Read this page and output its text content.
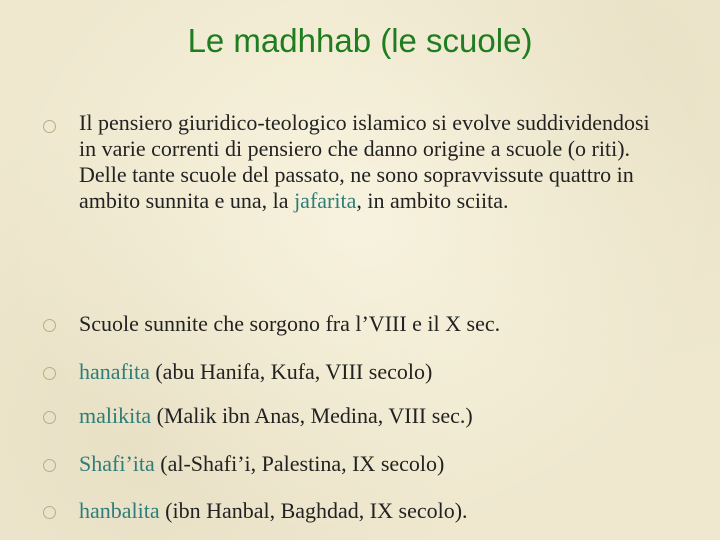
Le madhhab (le scuole)
Il pensiero giuridico-teologico islamico si evolve suddividendosi in varie correnti di pensiero che danno origine a scuole (o riti). Delle tante scuole del passato, ne sono sopravvissute quattro in ambito sunnita e una, la jafarita, in ambito sciita.
Scuole sunnite che sorgono fra l’VIII e il X sec.
hanafita (abu Hanifa, Kufa, VIII secolo)
malikita (Malik ibn Anas, Medina, VIII sec.)
Shafi’ita (al-Shafi’i, Palestina, IX secolo)
hanbalita (ibn Hanbal, Baghdad, IX secolo).
